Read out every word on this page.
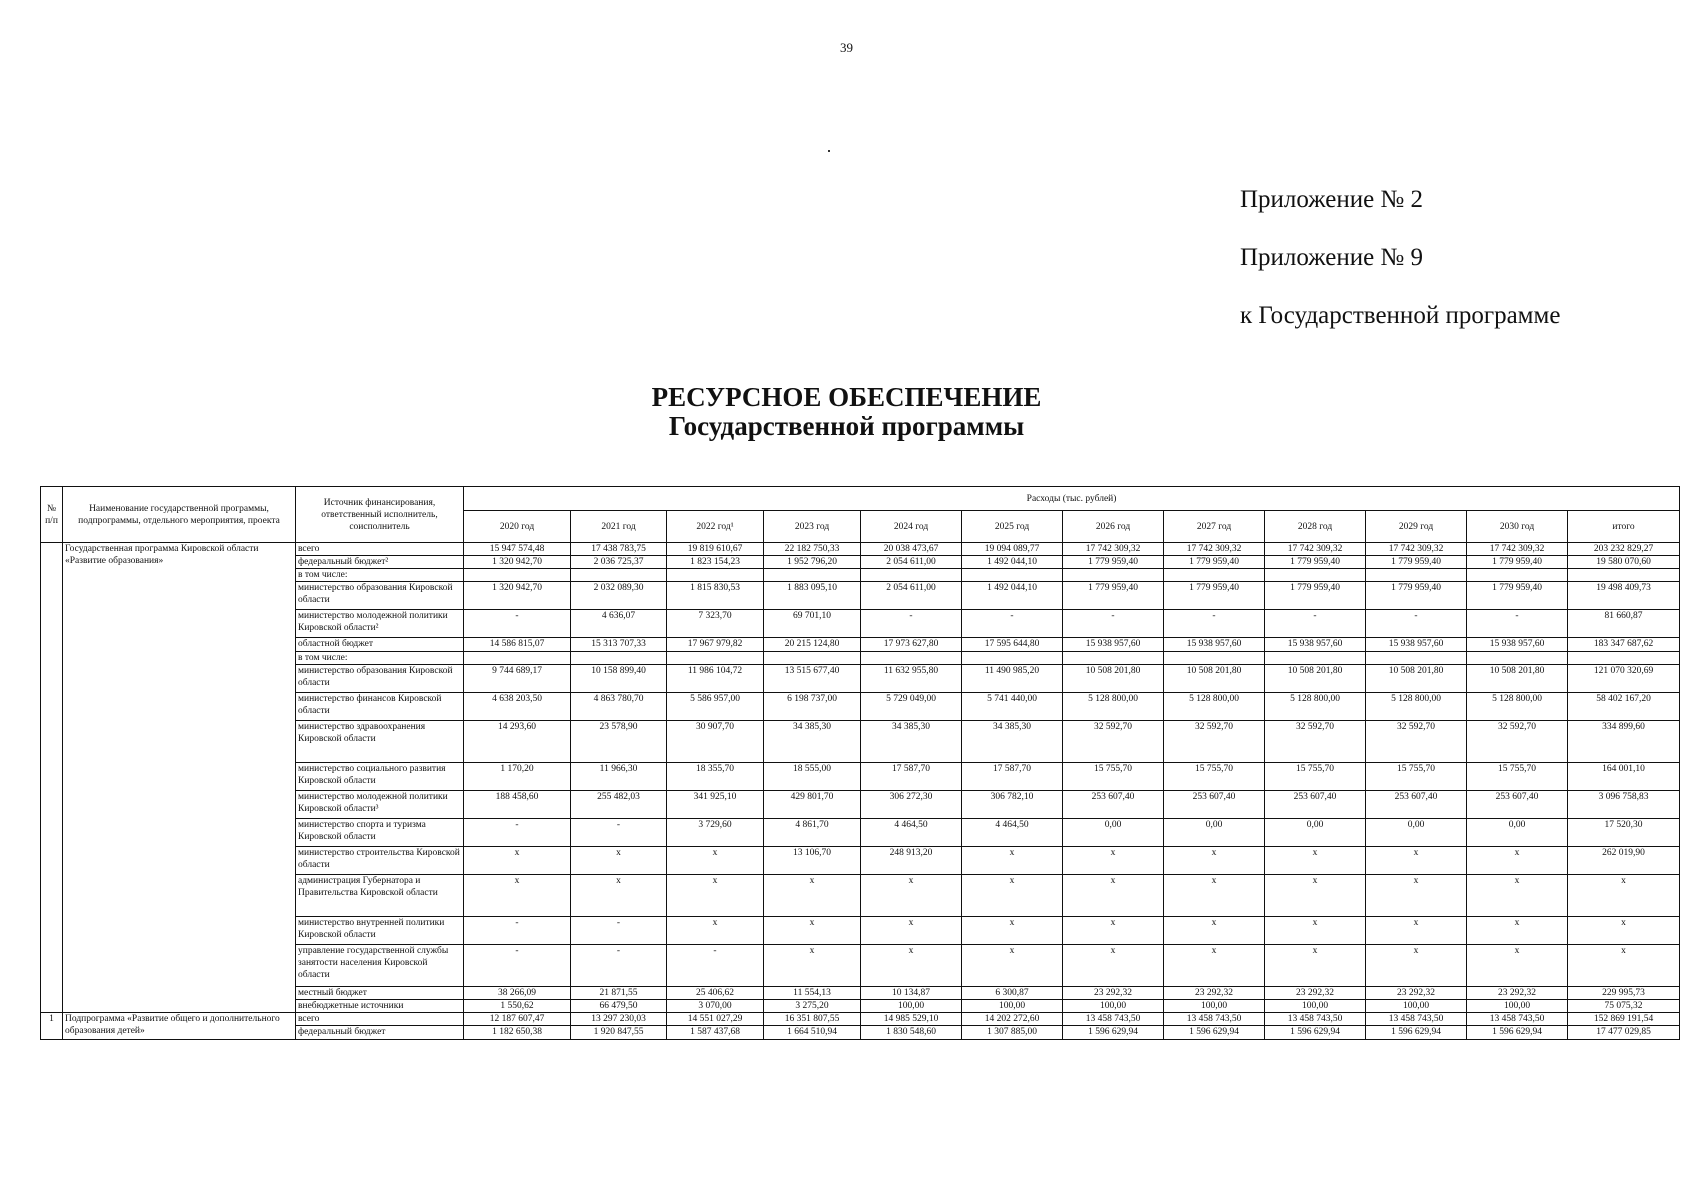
39
Приложение № 2
Приложение № 9
к Государственной программе
РЕСУРСНОЕ ОБЕСПЕЧЕНИЕ
Государственной программы
№ п/п	Наименование государственной программы, подпрограммы, отдельного мероприятия, проекта	Источник финансирования, ответственный исполнитель, соисполнитель	Расходы (тыс. рублей)											
			2020 год	2021 год	2022 год¹	2023 год	2024 год	2025 год	2026 год	2027 год	2028 год	2029 год	2030 год	итого
	Государственная программа Кировской области «Развитие образования»	всего	15 947 574,48	17 438 783,75	19 819 610,67	22 182 750,33	20 038 473,67	19 094 089,77	17 742 309,32	17 742 309,32	17 742 309,32	17 742 309,32	17 742 309,32	203 232 829,27
		федеральный бюджет²	1 320 942,70	2 036 725,37	1 823 154,23	1 952 796,20	2 054 611,00	1 492 044,10	1 779 959,40	1 779 959,40	1 779 959,40	1 779 959,40	1 779 959,40	19 580 070,60
		в том числе:												
		министерство образования Кировской области	1 320 942,70	2 032 089,30	1 815 830,53	1 883 095,10	2 054 611,00	1 492 044,10	1 779 959,40	1 779 959,40	1 779 959,40	1 779 959,40	1 779 959,40	19 498 409,73
		министерство молодежной политики Кировской области²	-	4 636,07	7 323,70	69 701,10	-	-	-	-	-	-	-	81 660,87
		областной бюджет	14 586 815,07	15 313 707,33	17 967 979,82	20 215 124,80	17 973 627,80	17 595 644,80	15 938 957,60	15 938 957,60	15 938 957,60	15 938 957,60	15 938 957,60	183 347 687,62
		в том числе:												
		министерство образования Кировской области	9 744 689,17	10 158 899,40	11 986 104,72	13 515 677,40	11 632 955,80	11 490 985,20	10 508 201,80	10 508 201,80	10 508 201,80	10 508 201,80	10 508 201,80	121 070 320,69
		министерство финансов Кировской области	4 638 203,50	4 863 780,70	5 586 957,00	6 198 737,00	5 729 049,00	5 741 440,00	5 128 800,00	5 128 800,00	5 128 800,00	5 128 800,00	5 128 800,00	58 402 167,20
		министерство здравоохранения Кировской области	14 293,60	23 578,90	30 907,70	34 385,30	34 385,30	34 385,30	32 592,70	32 592,70	32 592,70	32 592,70	32 592,70	334 899,60
		министерство социального развития Кировской области	1 170,20	11 966,30	18 355,70	18 555,00	17 587,70	17 587,70	15 755,70	15 755,70	15 755,70	15 755,70	15 755,70	164 001,10
		министерство молодежной политики Кировской области³	188 458,60	255 482,03	341 925,10	429 801,70	306 272,30	306 782,10	253 607,40	253 607,40	253 607,40	253 607,40	253 607,40	3 096 758,83
		министерство спорта и туризма Кировской области	-	-	3 729,60	4 861,70	4 464,50	4 464,50	0,00	0,00	0,00	0,00	0,00	17 520,30
		министерство строительства Кировской области	x	x	x	13 106,70	248 913,20	x	x	x	x	x	x	262 019,90
		администрация Губернатора и Правительства Кировской области	x	x	x	x	x	x	x	x	x	x	x	x
		министерство внутренней политики Кировской области	-	-	x	x	x	x	x	x	x	x	x	x
		управление государственной службы занятости населения Кировской области	-	-	-	x	x	x	x	x	x	x	x	x
		местный бюджет	38 266,09	21 871,55	25 406,62	11 554,13	10 134,87	6 300,87	23 292,32	23 292,32	23 292,32	23 292,32	23 292,32	229 995,73
		внебюджетные источники	1 550,62	66 479,50	3 070,00	3 275,20	100,00	100,00	100,00	100,00	100,00	100,00	100,00	75 075,32
1	Подпрограмма «Развитие общего и дополнительного образования детей»	всего	12 187 607,47	13 297 230,03	14 551 027,29	16 351 807,55	14 985 529,10	14 202 272,60	13 458 743,50	13 458 743,50	13 458 743,50	13 458 743,50	13 458 743,50	152 869 191,54
		федеральный бюджет	1 182 650,38	1 920 847,55	1 587 437,68	1 664 510,94	1 830 548,60	1 307 885,00	1 596 629,94	1 596 629,94	1 596 629,94	1 596 629,94	1 596 629,94	17 477 029,85
